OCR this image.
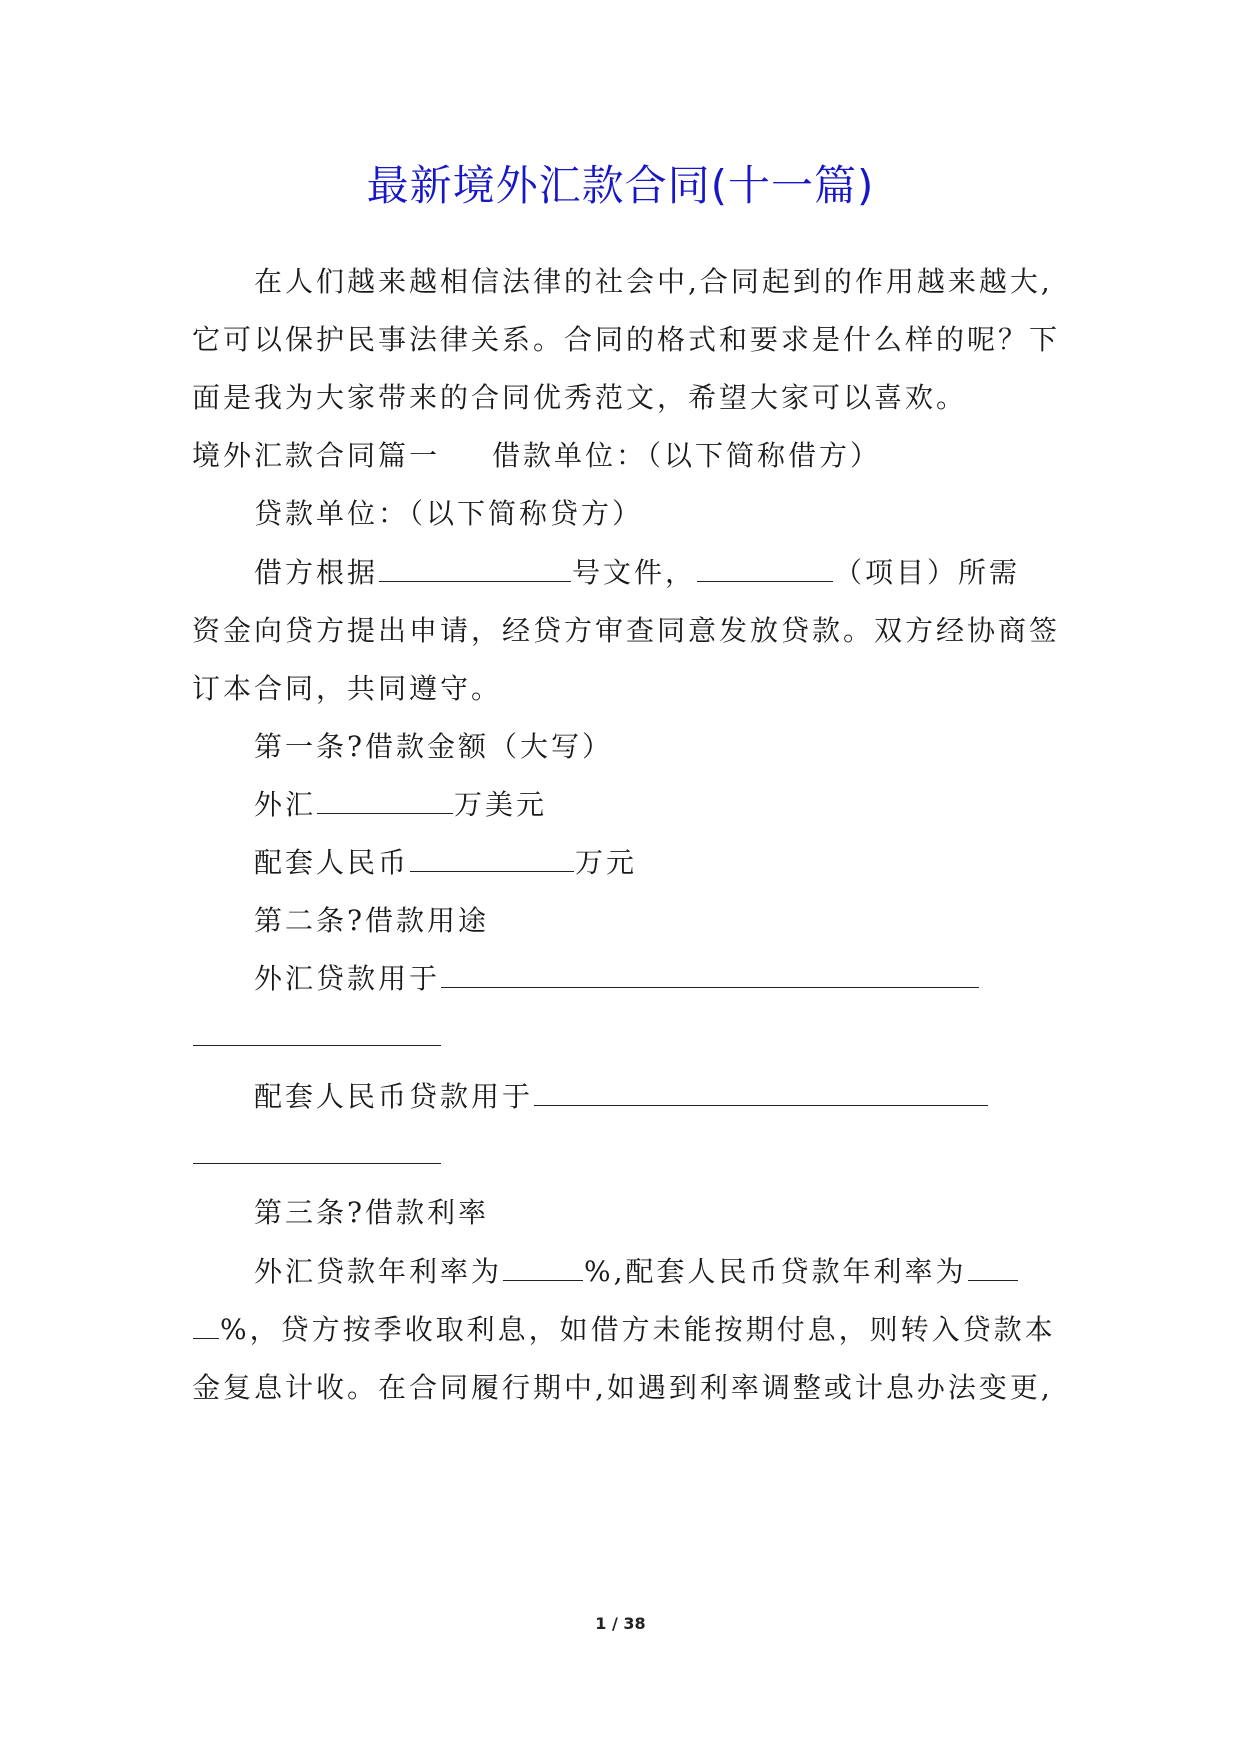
最新境外汇款合同(十一篇)
在人们越来越相信法律的社会中,合同起到的作用越来越大,
它可以保护民事法律关系。合同的格式和要求是什么样的呢？下
面是我为大家带来的合同优秀范文，希望大家可以喜欢。
境外汇款合同篇一 借款单位：（以下简称借方）
贷款单位：（以下简称贷方）
借方根据	号文件，	（项目）所需
资金向贷方提出申请，经贷方审查同意发放贷款。双方经协商签
订本合同，共同遵守。
第一条?借款金额（大写）
外汇	万美元
配套人民币	万元
第二条?借款用途
外汇贷款用于
配套人民币贷款用于
第三条?借款利率
外汇贷款年利率为	%,配套人民币贷款年利率为
%，贷方按季收取利息，如借方未能按期付息，则转入贷款本
金复息计收。在合同履行期中,如遇到利率调整或计息办法变更,
1 / 38
